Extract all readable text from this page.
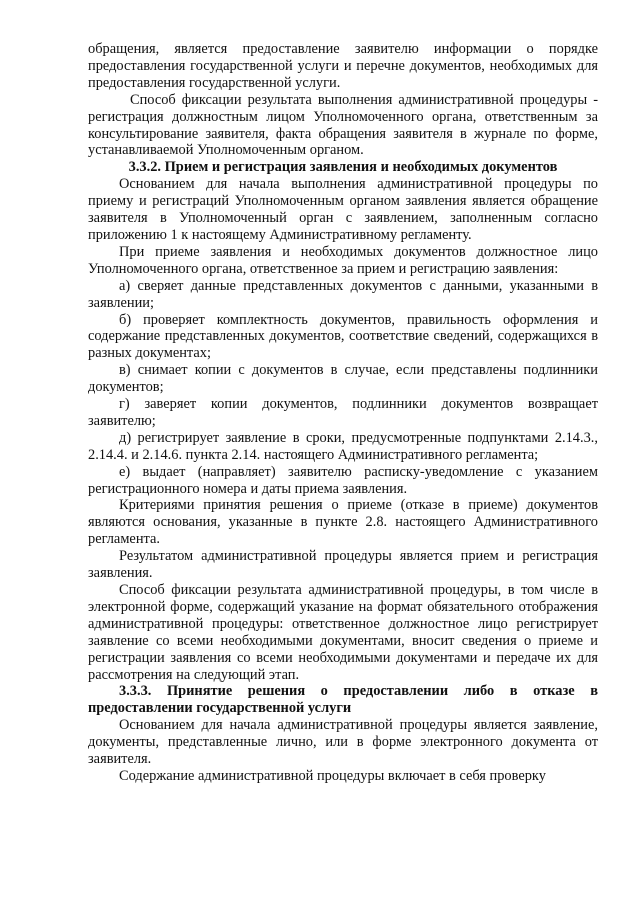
обращения, является предоставление заявителю информации о порядке предоставления государственной услуги и перечне документов, необходимых для предоставления государственной услуги.

Способ фиксации результата выполнения административной процедуры - регистрация должностным лицом Уполномоченного органа, ответственным за консультирование заявителя, факта обращения заявителя в журнале по форме, устанавливаемой Уполномоченным органом.

3.3.2. Прием и регистрация заявления и необходимых документов

Основанием для начала выполнения административной процедуры по приему и регистраций Уполномоченным органом заявления является обращение заявителя в Уполномоченный орган с заявлением, заполненным согласно приложению 1 к настоящему Административному регламенту.

При приеме заявления и необходимых документов должностное лицо Уполномоченного органа, ответственное за прием и регистрацию заявления:

а) сверяет данные представленных документов с данными, указанными в заявлении;

б) проверяет комплектность документов, правильность оформления и содержание представленных документов, соответствие сведений, содержащихся в разных документах;

в) снимает копии с документов в случае, если представлены подлинники документов;

г) заверяет копии документов, подлинники документов возвращает заявителю;

д) регистрирует заявление в сроки, предусмотренные подпунктами 2.14.3., 2.14.4. и 2.14.6. пункта 2.14. настоящего Административного регламента;

е) выдает (направляет) заявителю расписку-уведомление с указанием регистрационного номера и даты приема заявления.

Критериями принятия решения о приеме (отказе в приеме) документов являются основания, указанные в пункте 2.8. настоящего Административного регламента.

Результатом административной процедуры является прием и регистрация заявления.

Способ фиксации результата административной процедуры, в том числе в электронной форме, содержащий указание на формат обязательного отображения административной процедуры: ответственное должностное лицо регистрирует заявление со всеми необходимыми документами, вносит сведения о приеме и регистрации заявления со всеми необходимыми документами и передаче их для рассмотрения на следующий этап.

3.3.3. Принятие решения о предоставлении либо в отказе в предоставлении государственной услуги

Основанием для начала административной процедуры является заявление, документы, представленные лично, или в форме электронного документа от заявителя.

Содержание административной процедуры включает в себя проверку
